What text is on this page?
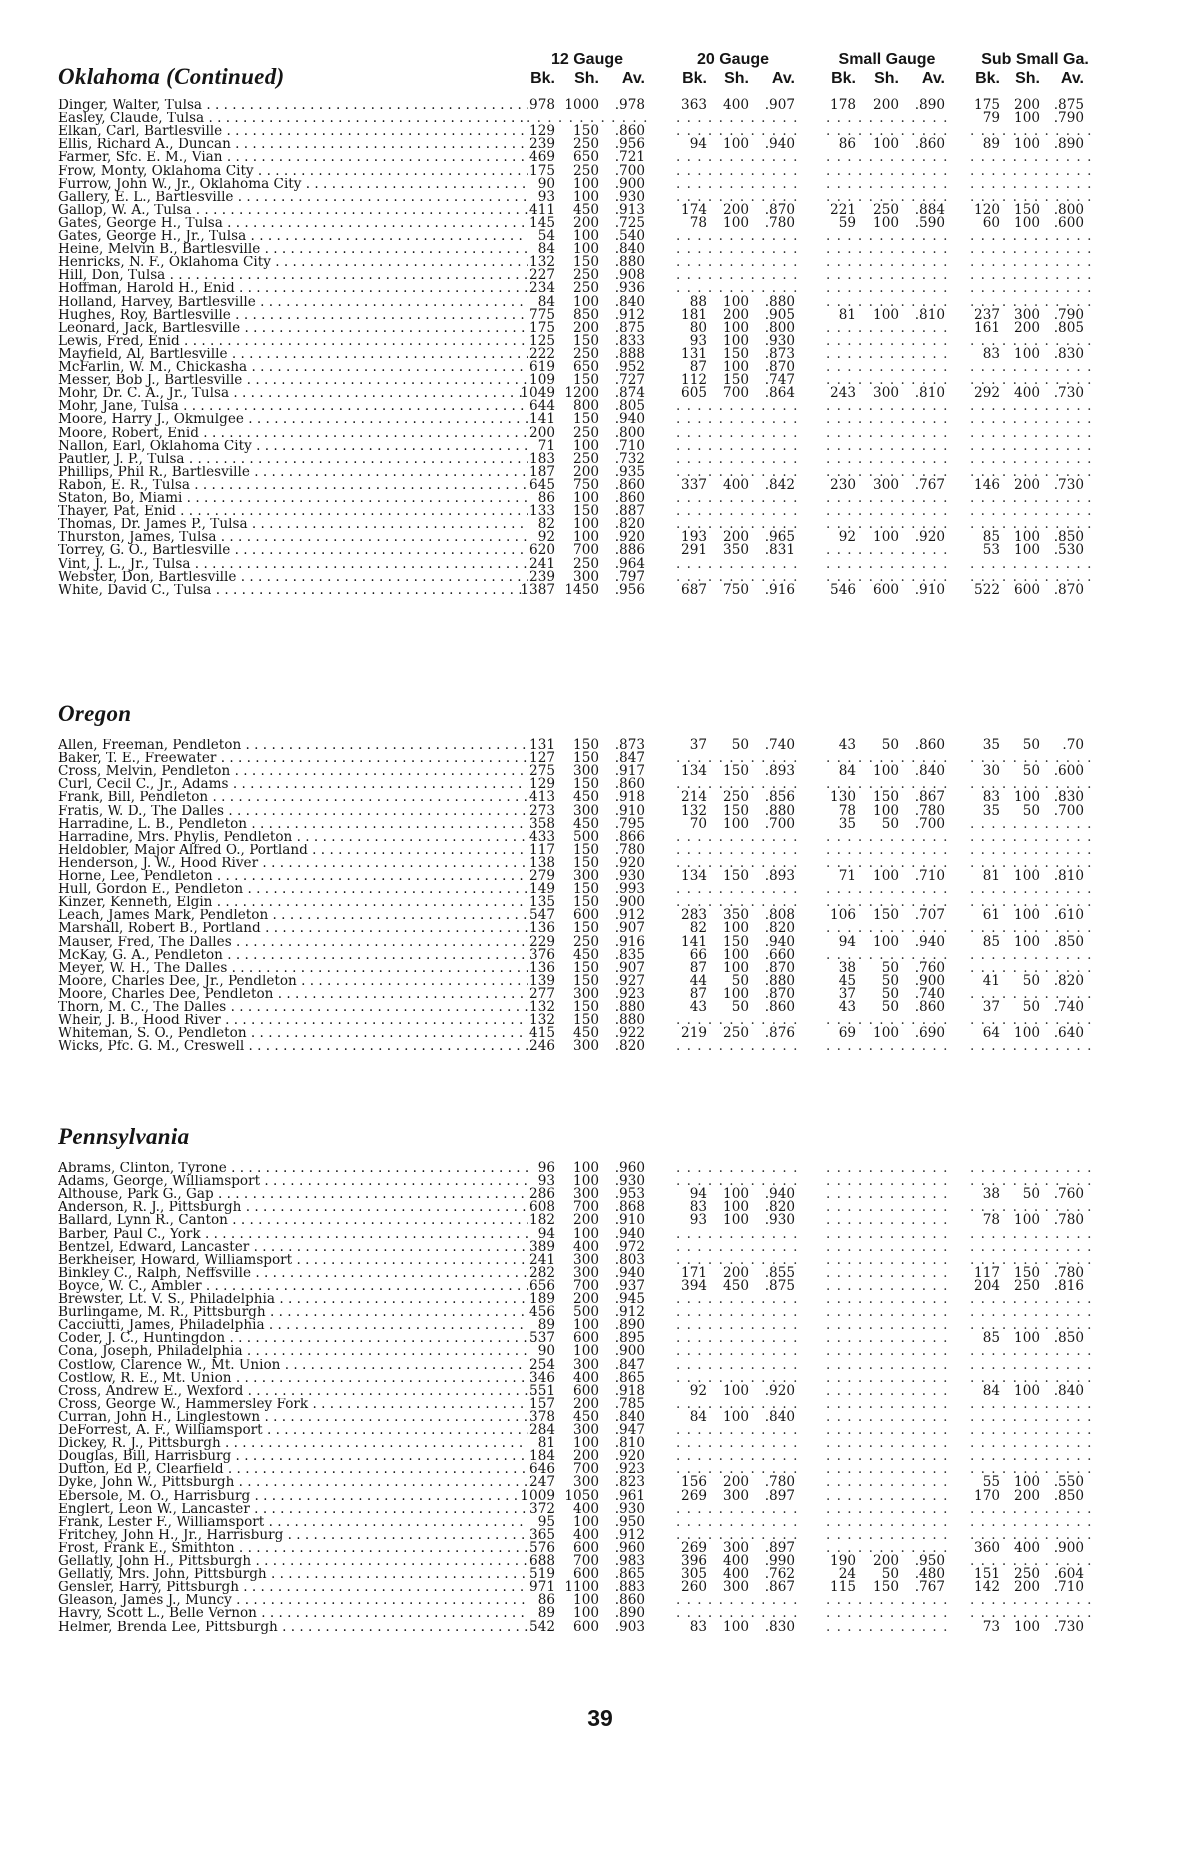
12 Gauge	20 Gauge	Small Gauge	Sub Small Ga.
Bk.	Sh.	Av.	Bk.	Sh.	Av.	Bk.	Sh.	Av.	Bk. Sh.	Av.
Oklahoma (Continued)
Dinger, Walter, Tulsa . . .	978 1000	.978	363	400	.907	178	200	.890	175	200	.875
Easley, Claude, Tulsa . . .	. . . . . . . . . . . . . . . . . . . . . . . . . . . . . . . . . . . .	79	100	.790
Elkan, Carl, Bartlesville . . .	129	150	.860 . . . . . . . . . . . . . . . . . . . . . . . . . . . . . . . . . . . .
Ellis, Richard A., Duncan . . .	239	250	.956	94	100	.940	86	100	.860	89	100	.890
Farmer, Sfc. E. M., Vian . . .	469	650	.721 . . . . . . . . . . . . . . . . . . . . . . . . . . . . . . . . . . . .
Frow, Monty, Oklahoma City . . .	175	250	.700 . . . . . . . . . . . . . . . . . . . . . . . . . . . . . . . . . . . .
Furrow, John W., Jr., Oklahoma City . . .	90	100	.900 . . . . . . . . . . . . . . . . . . . . . . . . . . . . . . . . . . . .
Gallery, E. L., Bartlesville . . .	93	100	.930 . . . . . . . . . . . . . . . . . . . . . . . . . . . . . . . . . . . .
Gallop, W. A., Tulsa . . .	411	450	.913	174	200	.870	221	250	.884	120	150	.800
Gates, George H., Tulsa . . .	145	200	.725	78	100	.780	59	100	.590	60	100	.600
Gates, George H., Jr., Tulsa . . .	54	100	.540 . . . . . . . . . . . . . . . . . . . . . . . . . . . . . . . . . . . .
Heine, Melvin B., Bartlesville . . .	84	100	.840 . . . . . . . . . . . . . . . . . . . . . . . . . . . . . . . . . . . .
Henricks, N. F., Oklahoma City . . .	132	150	.880 . . . . . . . . . . . . . . . . . . . . . . . . . . . . . . . . . . . .
Hill, Don, Tulsa . . .	227	250	.908 . . . . . . . . . . . . . . . . . . . . . . . . . . . . . . . . . . . .
Hoffman, Harold H., Enid . . .	234	250	.936 . . . . . . . . . . . . . . . . . . . . . . . . . . . . . . . . . . . .
Holland, Harvey, Bartlesville . . .	84	100	.840	88	100	.880 . . . . . . . . . . . . . . . . . . . . . . . .
Hughes, Roy, Bartlesville . . .	775	850	.912	181	200	.905	81	100	.810	237	300	.790
Leonard, Jack, Bartlesville . . .	175	200	.875	80	100	.800 . . . . . . . . . . . .	161	200	.805
Lewis, Fred, Enid . . .	125	150	.833	93	100	.930 . . . . . . . . . . . . . . . . . . . . . . . .
Mayfield, Al, Bartlesville . . .	222	250	.888	131	150	.873 . . . . . . . . . . . .	83	100	.830
McFarlin, W. M., Chickasha . . .	619	650	.952	87	100	.870 . . . . . . . . . . . . . . . . . . . . . . . .
Messer, Bob J., Bartlesville . . .	109	150	.727	112	150	.747 . . . . . . . . . . . . . . . . . . . . . . . .
Mohr, Dr. C. A., Jr., Tulsa . . .	1049 1200	.874	605	700	.864	243	300	.810	292	400	.730
Mohr, Jane, Tulsa . . .	644	800	.805 . . . . . . . . . . . . . . . . . . . . . . . . . . . . . . . . . . . .
Moore, Harry J., Okmulgee . . .	141	150	.940 . . . . . . . . . . . . . . . . . . . . . . . . . . . . . . . . . . . .
Moore, Robert, Enid . . .	200	250	.800 . . . . . . . . . . . . . . . . . . . . . . . . . . . . . . . . . . . .
Nallon, Earl, Oklahoma City . . .	71	100	.710 . . . . . . . . . . . . . . . . . . . . . . . . . . . . . . . . . . . .
Pautler, J. P., Tulsa . . .	183	250	.732 . . . . . . . . . . . . . . . . . . . . . . . . . . . . . . . . . . . .
Phillips, Phil R., Bartlesville . . .	187	200	.935 . . . . . . . . . . . . . . . . . . . . . . . . . . . . . . . . . . . .
Rabon, E. R., Tulsa . . .	645	750	.860	337	400	.842	230	300	.767	146	200	.730
Staton, Bo, Miami . . .	86	100	.860 . . . . . . . . . . . . . . . . . . . . . . . . . . . . . . . . . . . .
Thayer, Pat, Enid . . .	133	150	.887 . . . . . . . . . . . . . . . . . . . . . . . . . . . . . . . . . . . .
Thomas, Dr. James P., Tulsa . . .	82	100	.820 . . . . . . . . . . . . . . . . . . . . . . . . . . . . . . . . . . . .
Thurston, James, Tulsa . . .	92	100	.920	193	200	.965	92	100	.920	85	100	.850
Torrey, G. O., Bartlesville . . .	620	700	.886	291	350	.831 . . . . . . . . . . . .	53	100	.530
Vint, J. L., Jr., Tulsa . . .	241	250	.964 . . . . . . . . . . . . . . . . . . . . . . . . . . . . . . . . . . . .
Webster, Don, Bartlesville . . .	239	300	.797 . . . . . . . . . . . . . . . . . . . . . . . . . . . . . . . . . . . .
White, David C., Tulsa . . .	1387 1450	.956	687	750	.916	546	600	.910	522	600	.870
Oregon
Allen, Freeman, Pendleton . . .	131	150	.873	37	50	.740	43	50	.860	35	50	.70
Baker, T. E., Freewater . . .	127	150	.847 . . . . . . . . . . . . . . . . . . . . . . . . . . . . . . . . . . . .
Cross, Melvin, Pendleton . . .	275	300	.917	134	150	.893	84	100	.840	30	50	.600
Curl, Cecil C., Jr., Adams . . .	129	150	.860 . . . . . . . . . . . . . . . . . . . . . . . . . . . . . . . . . . . .
Frank, Bill, Pendleton . . .	413	450	.918	214	250	.856	130	150	.867	83	100	.830
Fratis, W. D., The Dalles . . .	273	300	.910	132	150	.880	78	100	.780	35	50	.700
Harradine, L. B., Pendleton . . .	358	450	.795	70	100	.700	35	50	.700 . . . . . . . . . . . .
Harradine, Mrs. Phylis, Pendleton . . .	433	500	.866 . . . . . . . . . . . . . . . . . . . . . . . . . . . . . . . . . . . .
Heldobler, Major Alfred O., Portland . . .	117	150	.780 . . . . . . . . . . . . . . . . . . . . . . . . . . . . . . . . . . . .
Henderson, J. W., Hood River . . .	138	150	.920 . . . . . . . . . . . . . . . . . . . . . . . . . . . . . . . . . . . .
Horne, Lee, Pendleton . . .	279	300	.930	134	150	.893	71	100	.710	81	100	.810
Hull, Gordon E., Pendleton . . .	149	150	.993 . . . . . . . . . . . . . . . . . . . . . . . . . . . . . . . . . . . .
Kinzer, Kenneth, Elgin . . .	135	150	.900 . . . . . . . . . . . . . . . . . . . . . . . . . . . . . . . . . . . .
Leach, James Mark, Pendleton . . .	547	600	.912	283	350	.808	106	150	.707	61	100	.610
Marshall, Robert B., Portland . . .	136	150	.907	82	100	.820 . . . . . . . . . . . . . . . . . . . . . . . .
Mauser, Fred, The Dalles . . .	229	250	.916	141	150	.940	94	100	.940	85	100	.850
McKay, G. A., Pendleton . . .	376	450	.835	66	100	.660 . . . . . . . . . . . . . . . . . . . . . . . .
Meyer, W. H., The Dalles . . .	136	150	.907	87	100	.870	38	50	.760 . . . . . . . . . . . .
Moore, Charles Dee, Jr., Pendleton . . .	139	150	.927	44	50	.880	45	50	.900	41	50	.820
Moore, Charles Dee, Pendleton . . .	277	300	.923	87	100	.870	37	50	.740 . . . . . . . . . . . .
Thorn, M. C., The Dalles . . .	132	150	.880	43	50	.860	43	50	.860	37	50	.740
Wheir, J. B., Hood River . . .	132	150	.880 . . . . . . . . . . . . . . . . . . . . . . . . . . . . . . . . . . . .
Whiteman, S. O., Pendleton . . .	415	450	.922	219	250	.876	69	100	.690	64	100	.640
Wicks, Pfc. G. M., Creswell . . .	246	300	.820 . . . . . . . . . . . . . . . . . . . . . . . . . . . . . . . . . . . .
Pennsylvania
Abrams, Clinton, Tyrone . . .	96	100	.960 . . . . . . . . . . . . . . . . . . . . . . . . . . . . . . . . . . . .
Adams, George, Williamsport . . .	93	100	.930 . . . . . . . . . . . . . . . . . . . . . . . . . . . . . . . . . . . .
Althouse, Park G., Gap . . .	286	300	.953	94	100	.940 . . . . . . . . . . . .	38	50	.760
Anderson, R. J., Pittsburgh . . .	608	700	.868	83	100	.820 . . . . . . . . . . . . . . . . . . . . . . . .
Ballard, Lynn R., Canton . . .	182	200	.910	93	100	.930 . . . . . . . . . . . .	78	100	.780
Barber, Paul C., York . . .	94	100	.940 . . . . . . . . . . . . . . . . . . . . . . . . . . . . . . . . . . . .
Bentzel, Edward, Lancaster . . .	389	400	.972 . . . . . . . . . . . . . . . . . . . . . . . . . . . . . . . . . . . .
Berkheiser, Howard, Williamsport . . .	241	300	.803 . . . . . . . . . . . . . . . . . . . . . . . . . . . . . . . . . . . .
Binkley C., Ralph, Neffsville . . .	282	300	.940	171	200	.855 . . . . . . . . . . . .	117	150	.780
Boyce, W. C., Ambler . . .	656	700	.937	394	450	.875 . . . . . . . . . . . .	204	250	.816
Brewster, Lt. V. S., Philadelphia . . .	189	200	.945 . . . . . . . . . . . . . . . . . . . . . . . . . . . . . . . . . . . .
Burlingame, M. R., Pittsburgh . . .	456	500	.912 . . . . . . . . . . . . . . . . . . . . . . . . . . . . . . . . . . . .
Cacciutti, James, Philadelphia . . .	89	100	.890 . . . . . . . . . . . . . . . . . . . . . . . . . . . . . . . . . . . .
Coder, J. C., Huntingdon . . .	537	600	.895 . . . . . . . . . . . . . . . . . . . . . . . .	85	100	.850
Cona, Joseph, Philadelphia . . .	90	100	.900 . . . . . . . . . . . . . . . . . . . . . . . . . . . . . . . . . . . .
Costlow, Clarence W., Mt. Union . . .	254	300	.847 . . . . . . . . . . . . . . . . . . . . . . . . . . . . . . . . . . . .
Costlow, R. E., Mt. Union . . .	346	400	.865 . . . . . . . . . . . . . . . . . . . . . . . . . . . . . . . . . . . .
Cross, Andrew E., Wexford . . .	551	600	.918	92	100	.920 . . . . . . . . . . . .	84	100	.840
Cross, George W., Hammersley Fork . . .	157	200	.785 . . . . . . . . . . . . . . . . . . . . . . . . . . . . . . . . . . . .
Curran, John H., Linglestown . . .	378	450	.840	84	100	.840 . . . . . . . . . . . . . . . . . . . . . . . .
DeForrest, A. F., Williamsport . . .	284	300	.947 . . . . . . . . . . . . . . . . . . . . . . . . . . . . . . . . . . . .
Dickey, R. J., Pittsburgh . . .	81	100	.810 . . . . . . . . . . . . . . . . . . . . . . . . . . . . . . . . . . . .
Douglas, Bill, Harrisburg . . .	184	200	.920 . . . . . . . . . . . . . . . . . . . . . . . . . . . . . . . . . . . .
Dufton, Ed P., Clearfield . . .	646	700	.923 . . . . . . . . . . . . . . . . . . . . . . . . . . . . . . . . . . . .
Dyke, John W., Pittsburgh . . .	247	300	.823	156	200	.780 . . . . . . . . . . . .	55	100	.550
Ebersole, M. O., Harrisburg . . .	1009 1050	.961	269	300	.897 . . . . . . . . . . . .	170	200	.850
Englert, Leon W., Lancaster . . .	372	400	.930 . . . . . . . . . . . . . . . . . . . . . . . . . . . . . . . . . . . .
Frank, Lester F., Williamsport . . .	95	100	.950 . . . . . . . . . . . . . . . . . . . . . . . . . . . . . . . . . . . .
Fritchey, John H., Jr., Harrisburg . . .	365	400	.912 . . . . . . . . . . . . . . . . . . . . . . . . . . . . . . . . . . . .
Frost, Frank E., Smithton . . .	576	600	.960	269	300	.897 . . . . . . . . . . . .	360	400	.900
Gellatly, John H., Pittsburgh . . .	688	700	.983	396	400	.990	190	200	.950 . . . . . . . . . . . .
Gellatly, Mrs. John, Pittsburgh . . .	519	600	.865	305	400	.762	24	50	.480	151	250	.604
Gensler, Harry, Pittsburgh . . .	971 1100	.883	260	300	.867	115	150	.767	142	200	.710
Gleason, James J., Muncy . . .	86	100	.860 . . . . . . . . . . . . . . . . . . . . . . . . . . . . . . . . . . . .
Havry, Scott L., Belle Vernon . . .	89	100	.890 . . . . . . . . . . . . . . . . . . . . . . . . . . . . . . . . . . . .
Helmer, Brenda Lee, Pittsburgh . . .	542	600	.903	83	100	.830 . . . . . . . . . . . .	73	100	.730
39
